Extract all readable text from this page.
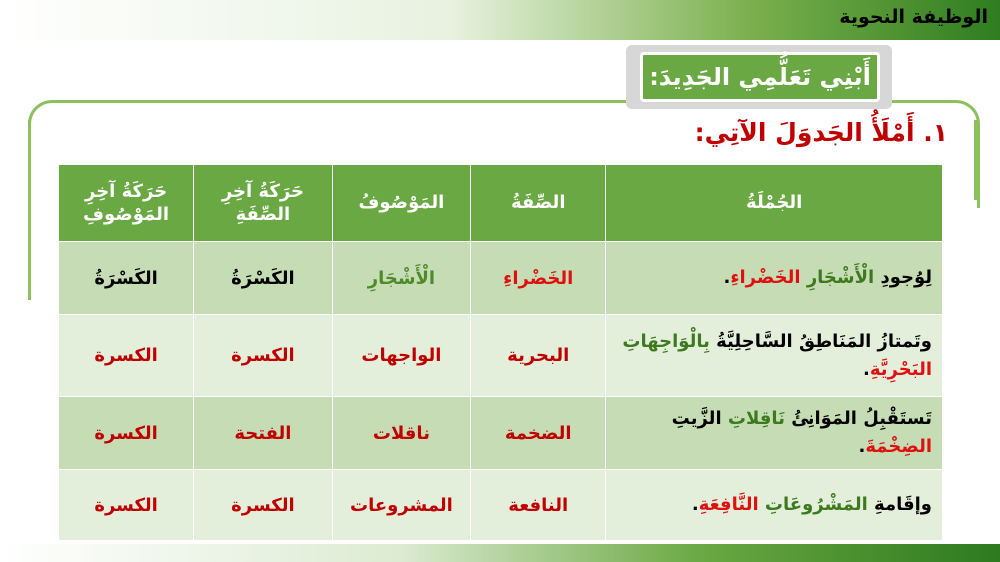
الوظيفة النحوية
أَبْنِي تَعَلُّمِي الجَدِيدَ:
١. أَمْلَأُ الجَدوَلَ الآتِي:
الجُمْلَةُ	الصِّفَةُ	المَوْصُوفُ	حَرَكَةُ آخِرِ الصِّفَةِ	حَرَكَةُ آخِرِ المَوْصُوفِ
لِوُجودِ الْأَشْجَارِ الخَضْراءِ.	الخَضْراءِ	الْأَشْجَارِ	الكَسْرَةُ	الكَسْرَةُ
وتَمتازُ المَنَاطِقُ السَّاحِلِيَّةُ بِالْوَاجِهَاتِ البَحْرِيَّةِ.	البحرية	الواجهات	الكسرة	الكسرة
تَستَقْبِلُ المَوَانِئُ نَاقِلاتِ الزَّيتِ الضِخْمَةَ.	الضخمة	ناقلات	الفتحة	الكسرة
وإقَامةِ المَشْرُوعَاتِ النَّافِعَةِ.	النافعة	المشروعات	الكسرة	الكسرة
